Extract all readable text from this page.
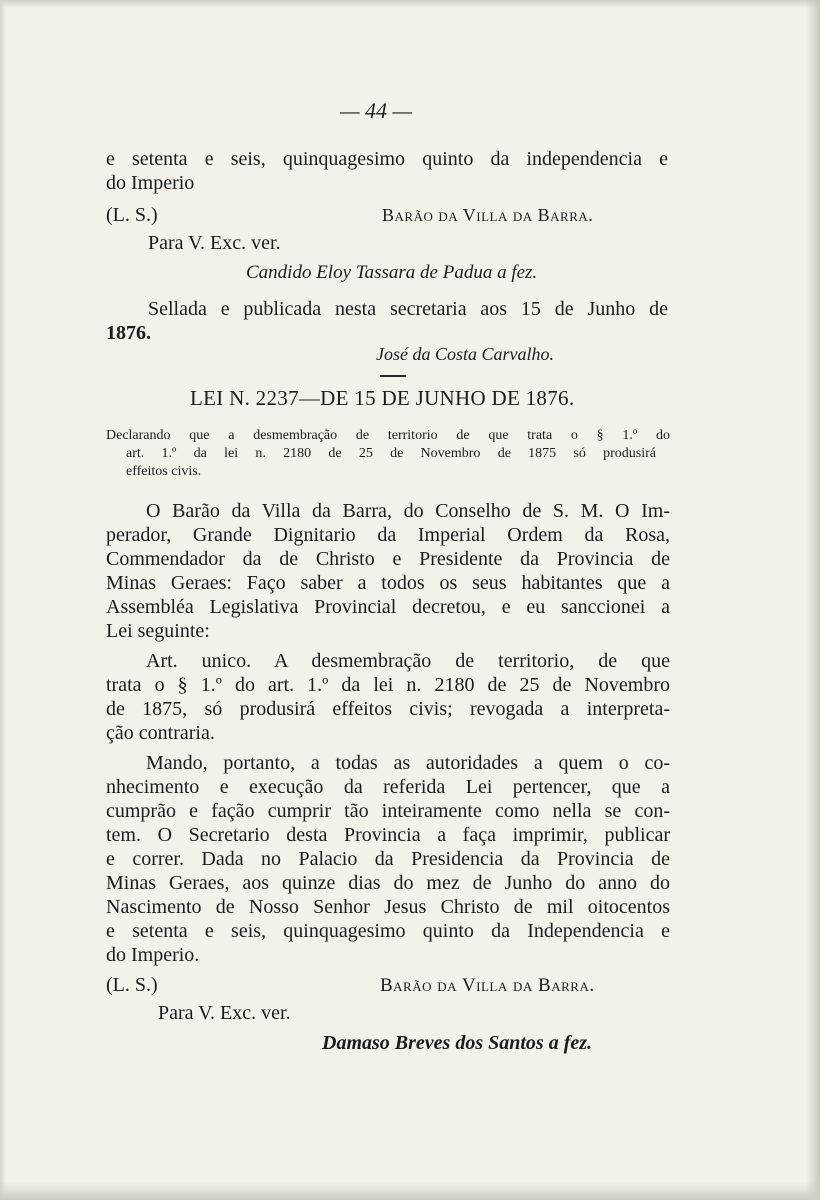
— 44 —
e setenta e seis, quinquagesimo quinto da independencia e
do Imperio
(L. S.)	Barão da Villa da Barra.
Para V. Exc. ver.
Candido Eloy Tassara de Padua a fez.
Sellada e publicada nesta secretaria aos 15 de Junho de
1876.
José da Costa Carvalho.
LEI N. 2237—DE 15 DE JUNHO DE 1876.
Declarando que a desmembração de territorio de que trata o § 1.º do
art. 1.º da lei n. 2180 de 25 de Novembro de 1875 só produsirá
effeitos civis.
O Barão da Villa da Barra, do Conselho de S. M. O Im-
perador, Grande Dignitario da Imperial Ordem da Rosa,
Commendador da de Christo e Presidente da Provincia de
Minas Geraes: Faço saber a todos os seus habitantes que a
Assembléa Legislativa Provincial decretou, e eu sanccionei a
Lei seguinte:
Art. unico. A desmembração de territorio, de que
trata o § 1.º do art. 1.º da lei n. 2180 de 25 de Novembro
de 1875, só produsirá effeitos civis; revogada a interpreta-
ção contraria.
Mando, portanto, a todas as autoridades a quem o co-
nhecimento e execução da referida Lei pertencer, que a
cumprão e fação cumprir tão inteiramente como nella se con-
tem. O Secretario desta Provincia a faça imprimir, publicar
e correr. Dada no Palacio da Presidencia da Provincia de
Minas Geraes, aos quinze dias do mez de Junho do anno do
Nascimento de Nosso Senhor Jesus Christo de mil oitocentos
e setenta e seis, quinquagesimo quinto da Independencia e
do Imperio.
(L. S.)	Barão da Villa da Barra.
Para V. Exc. ver.
Damaso Breves dos Santos a fez.
